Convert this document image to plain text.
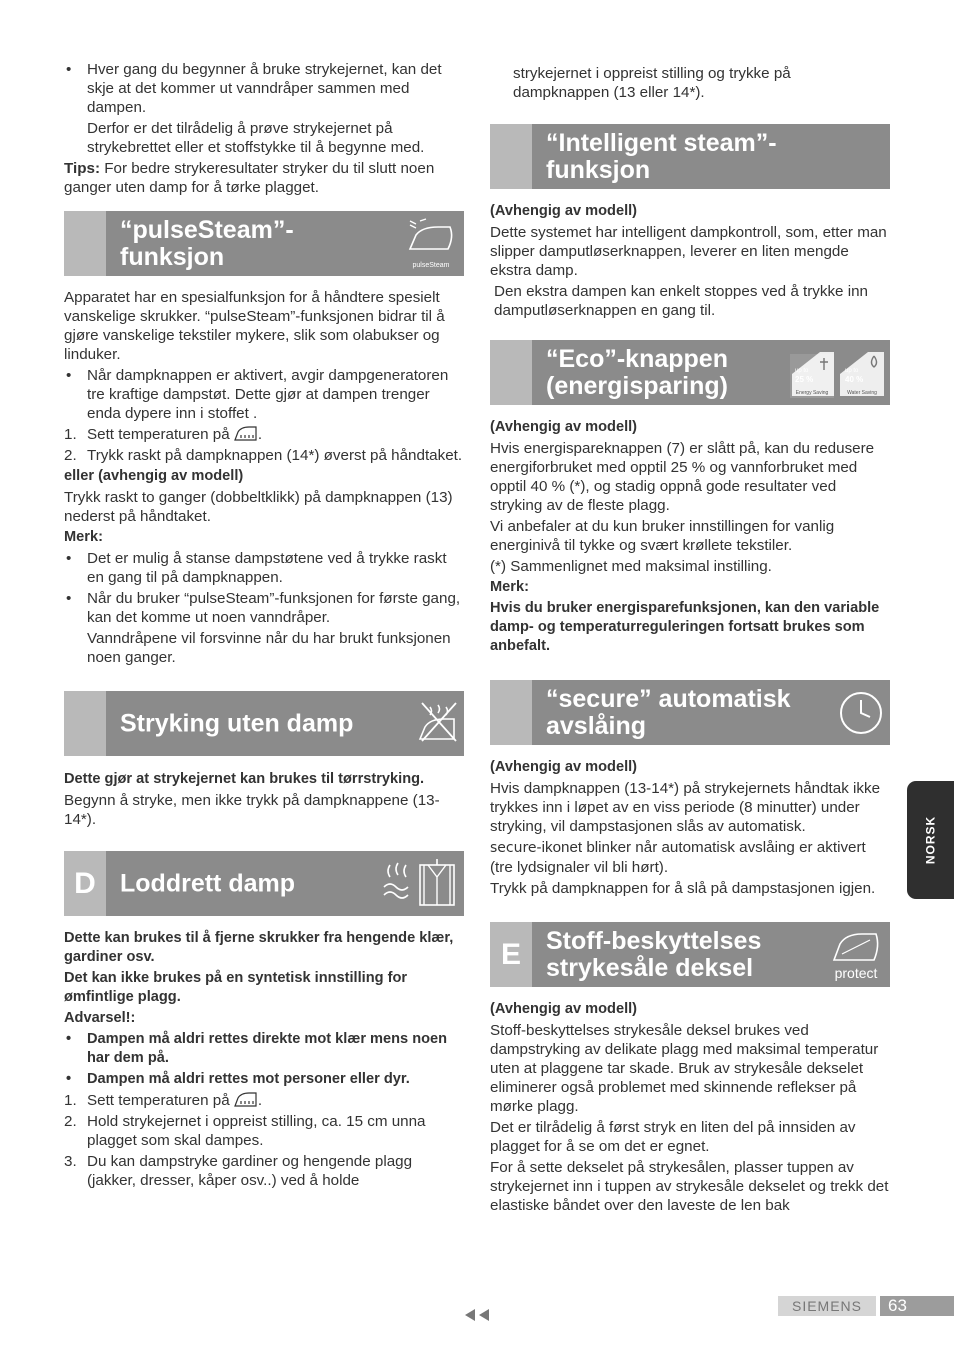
• Hver gang du begynner å bruke strykejernet, kan det skje at det kommer ut vanndråper sammen med dampen.

Derfor er det tilrådelig å prøve strykejernet på strykebrettet eller et stoffstykke til å begynne med.

Tips: For bedre strykeresultater stryker du til slutt noen ganger uten damp for å tørke plagget.

“pulseSteam”- funksjon	pulseSteam

Apparatet har en spesialfunksjon for å håndtere spesielt vanskelige skrukker. “pulseSteam”-funksjonen bidrar til å gjøre vanskelige tekstiler mykere, slik som olabukser og linduker.

• Når dampknappen er aktivert, avgir dampgeneratoren tre kraftige dampstøt. Dette gjør at dampen trenger enda dypere inn i stoffet .
1. Sett temperaturen på .
2. Trykk raskt på dampknappen (14*) øverst på håndtaket.

eller (avhengig av modell)

Trykk raskt to ganger (dobbeltklikk) på dampknappen (13) nederst på håndtaket.

Merk:

• Det er mulig å stanse dampstøtene ved å trykke raskt en gang til på dampknappen.
• Når du bruker “pulseSteam”-funksjonen for første gang, kan det komme ut noen vanndråper.

Vanndråpene vil forsvinne når du har brukt funksjonen noen ganger.

Stryking uten damp

Dette gjør at strykejernet kan brukes til tørrstryking.

Begynn å stryke, men ikke trykk på dampknappene (13-14*).

D Loddrett damp

Dette kan brukes til å fjerne skrukker fra hengende klær, gardiner osv.

Det kan ikke brukes på en syntetisk innstilling for ømfintlige plagg.

Advarsel!:

• Dampen må aldri rettes direkte mot klær mens noen har dem på.
• Dampen må aldri rettes mot personer eller dyr.
1. Sett temperaturen på .
2. Hold strykejernet i oppreist stilling, ca. 15 cm unna plagget som skal dampes.
3. Du kan dampstryke gardiner og hengende plagg (jakker, dresser, kåper osv..) ved å holde

strykejernet i oppreist stilling og trykke på dampknappen (13 eller 14*).

“Intelligent steam”- funksjon

(Avhengig av modell)

Dette systemet har intelligent dampkontroll, som, etter man slipper damputløserknappen, leverer en liten mengde ekstra damp.

Den ekstra dampen kan enkelt stoppes ved å trykke inn damputløserknappen en gang til.

“Eco”-knappen (energisparing)
up to
25 %
Energy Saving
up to
40 %
Water Saving

(Avhengig av modell)

Hvis energispareknappen (7) er slått på, kan du redusere energiforbruket med opptil 25 % og vannforbruket med opptil 40 % (*), og stadig oppnå gode resultater ved stryking av de fleste plagg.

Vi anbefaler at du kun bruker innstillingen for vanlig energinivå til tykke og svært krøllete tekstiler.

(*) Sammenlignet med maksimal instilling.

Merk:

Hvis du bruker energisparefunksjonen, kan den variable damp- og temperaturreguleringen fortsatt brukes som anbefalt.

“secure” automatisk avslåing

(Avhengig av modell)

Hvis dampknappen (13-14*) på strykejernets håndtak ikke trykkes inn i løpet av en viss periode (8 minutter) under stryking, vil dampstasjonen slås av automatisk.

secure-ikonet blinker når automatisk avslåing er aktivert (tre lydsignaler vil bli hørt).

Trykk på dampknappen for å slå på dampstasjonen igjen.

E	Stoff-beskyttelses strykesåle deksel	protect

(Avhengig av modell)

Stoff-beskyttelses strykesåle deksel brukes ved dampstryking av delikate plagg med maksimal temperatur uten at plaggene tar skade. Bruk av strykesåle dekselet eliminerer også problemet med skinnende reflekser på mørke plagg.

Det er tilrådelig å først stryk en liten del på innsiden av plagget for å se om det er egnet.

For å sette dekselet på strykesålen, plasser tuppen av strykejernet inn i tuppen av strykesåle dekselet og trekk det elastiske båndet over den laveste de len bak

NORSK
SIEMENS	63
